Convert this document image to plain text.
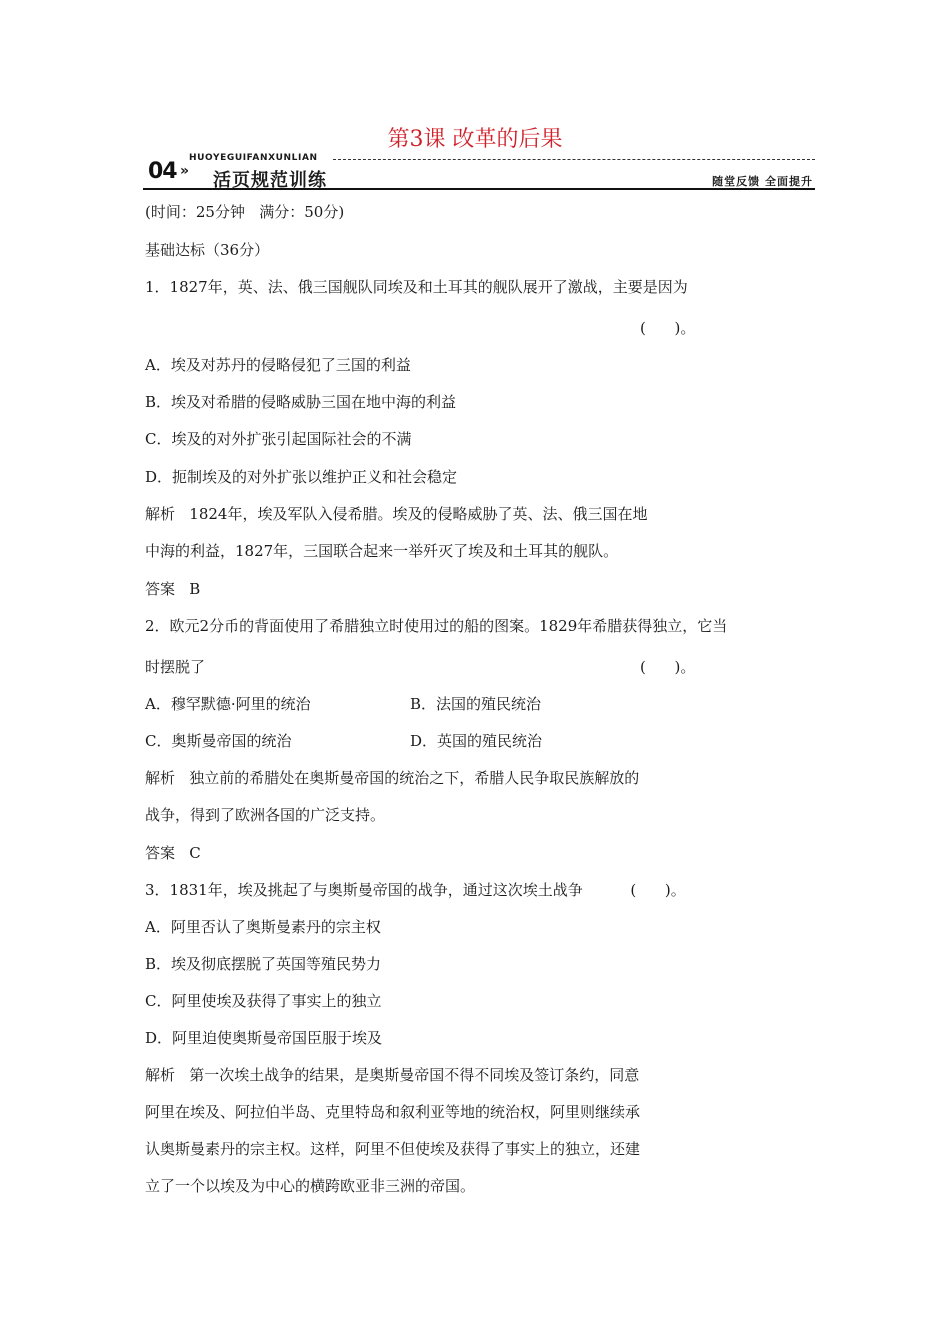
第3课 改革的后果
04 »
HUOYEGUIFANXUNLIAN
活页规范训练	随堂反馈 全面提升
(时间：25分钟   满分：50分)
基础达标（36分）
1．1827年，英、法、俄三国舰队同埃及和土耳其的舰队展开了激战，主要是因为
(      )。
A．埃及对苏丹的侵略侵犯了三国的利益
B．埃及对希腊的侵略威胁三国在地中海的利益
C．埃及的对外扩张引起国际社会的不满
D．扼制埃及的对外扩张以维护正义和社会稳定
解析   1824年，埃及军队入侵希腊。埃及的侵略威胁了英、法、俄三国在地
中海的利益，1827年，三国联合起来一举歼灭了埃及和土耳其的舰队。
答案   B
2．欧元2分币的背面使用了希腊独立时使用过的船的图案。1829年希腊获得独立，它当
时摆脱了	(      )。
A．穆罕默德·阿里的统治	B．法国的殖民统治
C．奥斯曼帝国的统治	D．英国的殖民统治
解析   独立前的希腊处在奥斯曼帝国的统治之下，希腊人民争取民族解放的
战争，得到了欧洲各国的广泛支持。
答案   C
3．1831年，埃及挑起了与奥斯曼帝国的战争，通过这次埃土战争          (      )。
A．阿里否认了奥斯曼素丹的宗主权
B．埃及彻底摆脱了英国等殖民势力
C．阿里使埃及获得了事实上的独立
D．阿里迫使奥斯曼帝国臣服于埃及
解析   第一次埃土战争的结果，是奥斯曼帝国不得不同埃及签订条约，同意
阿里在埃及、阿拉伯半岛、克里特岛和叙利亚等地的统治权，阿里则继续承
认奥斯曼素丹的宗主权。这样，阿里不但使埃及获得了事实上的独立，还建
立了一个以埃及为中心的横跨欧亚非三洲的帝国。
